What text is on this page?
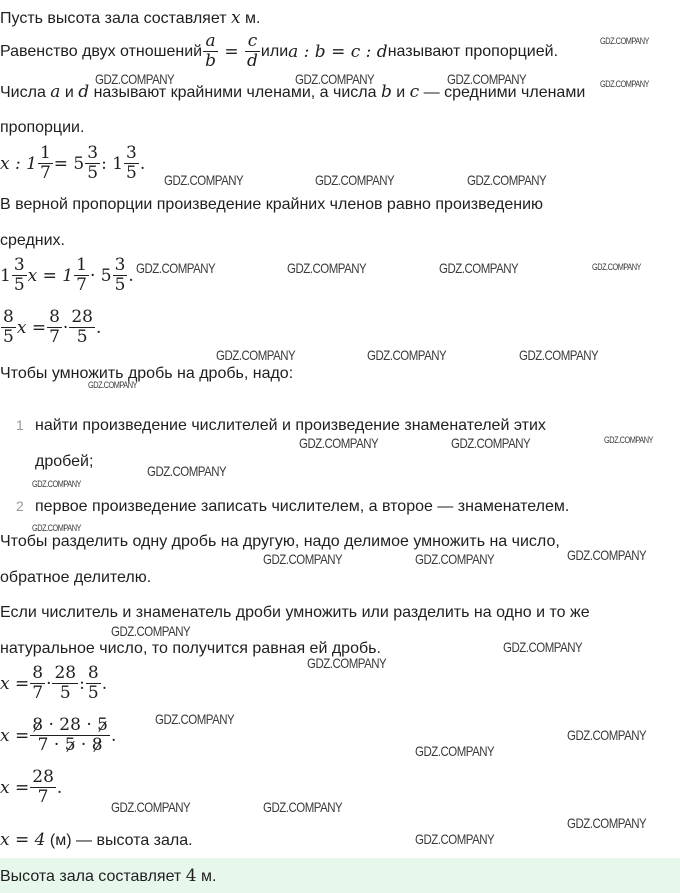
Пусть высота зала составляет x м.
Равенство двух отношений $\frac{a}{b} = \frac{c}{d}$ или a : b = c : d называют пропорцией.
Числа a и d называют крайними членами, а числа b и c — средними членами
пропорции.
x : $1 \frac{1}{7} = 5 \frac{3}{5}$ : $1 \frac{3}{5}$ .
В верной пропорции произведение крайних членов равно произведению
средних.
$1 \frac{3}{5}$ $x = 1 \frac{1}{7} \cdot 5 \frac{3}{5}$ .
$\frac{8}{5}$ $x = \frac{8}{7} \cdot \frac{28}{5}$ .
Чтобы умножить дробь на дробь, надо:
1 найти произведение числителей и произведение знаменателей этих
дробей;
2 первое произведение записать числителем, а второе — знаменателем.
Чтобы разделить одну дробь на другую, надо делимое умножить на число,
обратное делителю.
Если числитель и знаменатель дроби умножить или разделить на одно и то же
натуральное число, то получится равная ей дробь.
$x = \frac{8}{7} \cdot \frac{28}{5}$ : $\frac{8}{5}$ .
$x = \frac{8 \cdot 28 \cdot 5}{7 \cdot 5 \cdot 8}$ .
$x = \frac{28}{7}$ .
x = 4 (м) — высота зала.
Высота зала составляет 4 м.
GDZ.COMPANY
GDZ.COMPANY	GDZ.COMPANY	GDZ.COMPANY	GDZ.COMPANY
GDZ.COMPANY	GDZ.COMPANY	GDZ.COMPANY
GDZ.COMPANY	GDZ.COMPANY	GDZ.COMPANY	GDZ.COMPANY
GDZ.COMPANY	GDZ.COMPANY	GDZ.COMPANY
GDZ.COMPANY
GDZ.COMPANY	GDZ.COMPANY	GDZ.COMPANY
GDZ.COMPANY
GDZ.COMPANY
GDZ.COMPANY
GDZ.COMPANY
GDZ.COMPANY	GDZ.COMPANY
GDZ.COMPANY
GDZ.COMPANY
GDZ.COMPANY
GDZ.COMPANY
GDZ.COMPANY
GDZ.COMPANY
GDZ.COMPANY	GDZ.COMPANY
GDZ.COMPANY
GDZ.COMPANY
